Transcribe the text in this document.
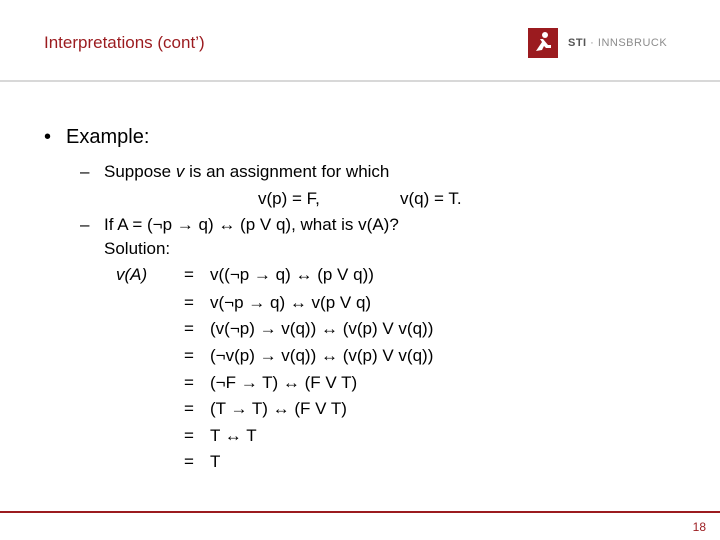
Interpretations (cont’)	STI · INNSBRUCK
• Example:
– Suppose v is an assignment for which
v(p) = F,	v(q) = T.
– If A = (¬p → q) ↔ (p V q), what is v(A)?
Solution:
v(A) = v((¬p → q) ↔ (p V q))
= v(¬p → q) ↔ v(p V q)
= (v(¬p) → v(q)) ↔ (v(p) V v(q))
= (¬v(p) → v(q)) ↔ (v(p) V v(q))
= (¬F → T) ↔ (F V T)
= (T → T) ↔ (F V T)
= T ↔ T
= T
18
